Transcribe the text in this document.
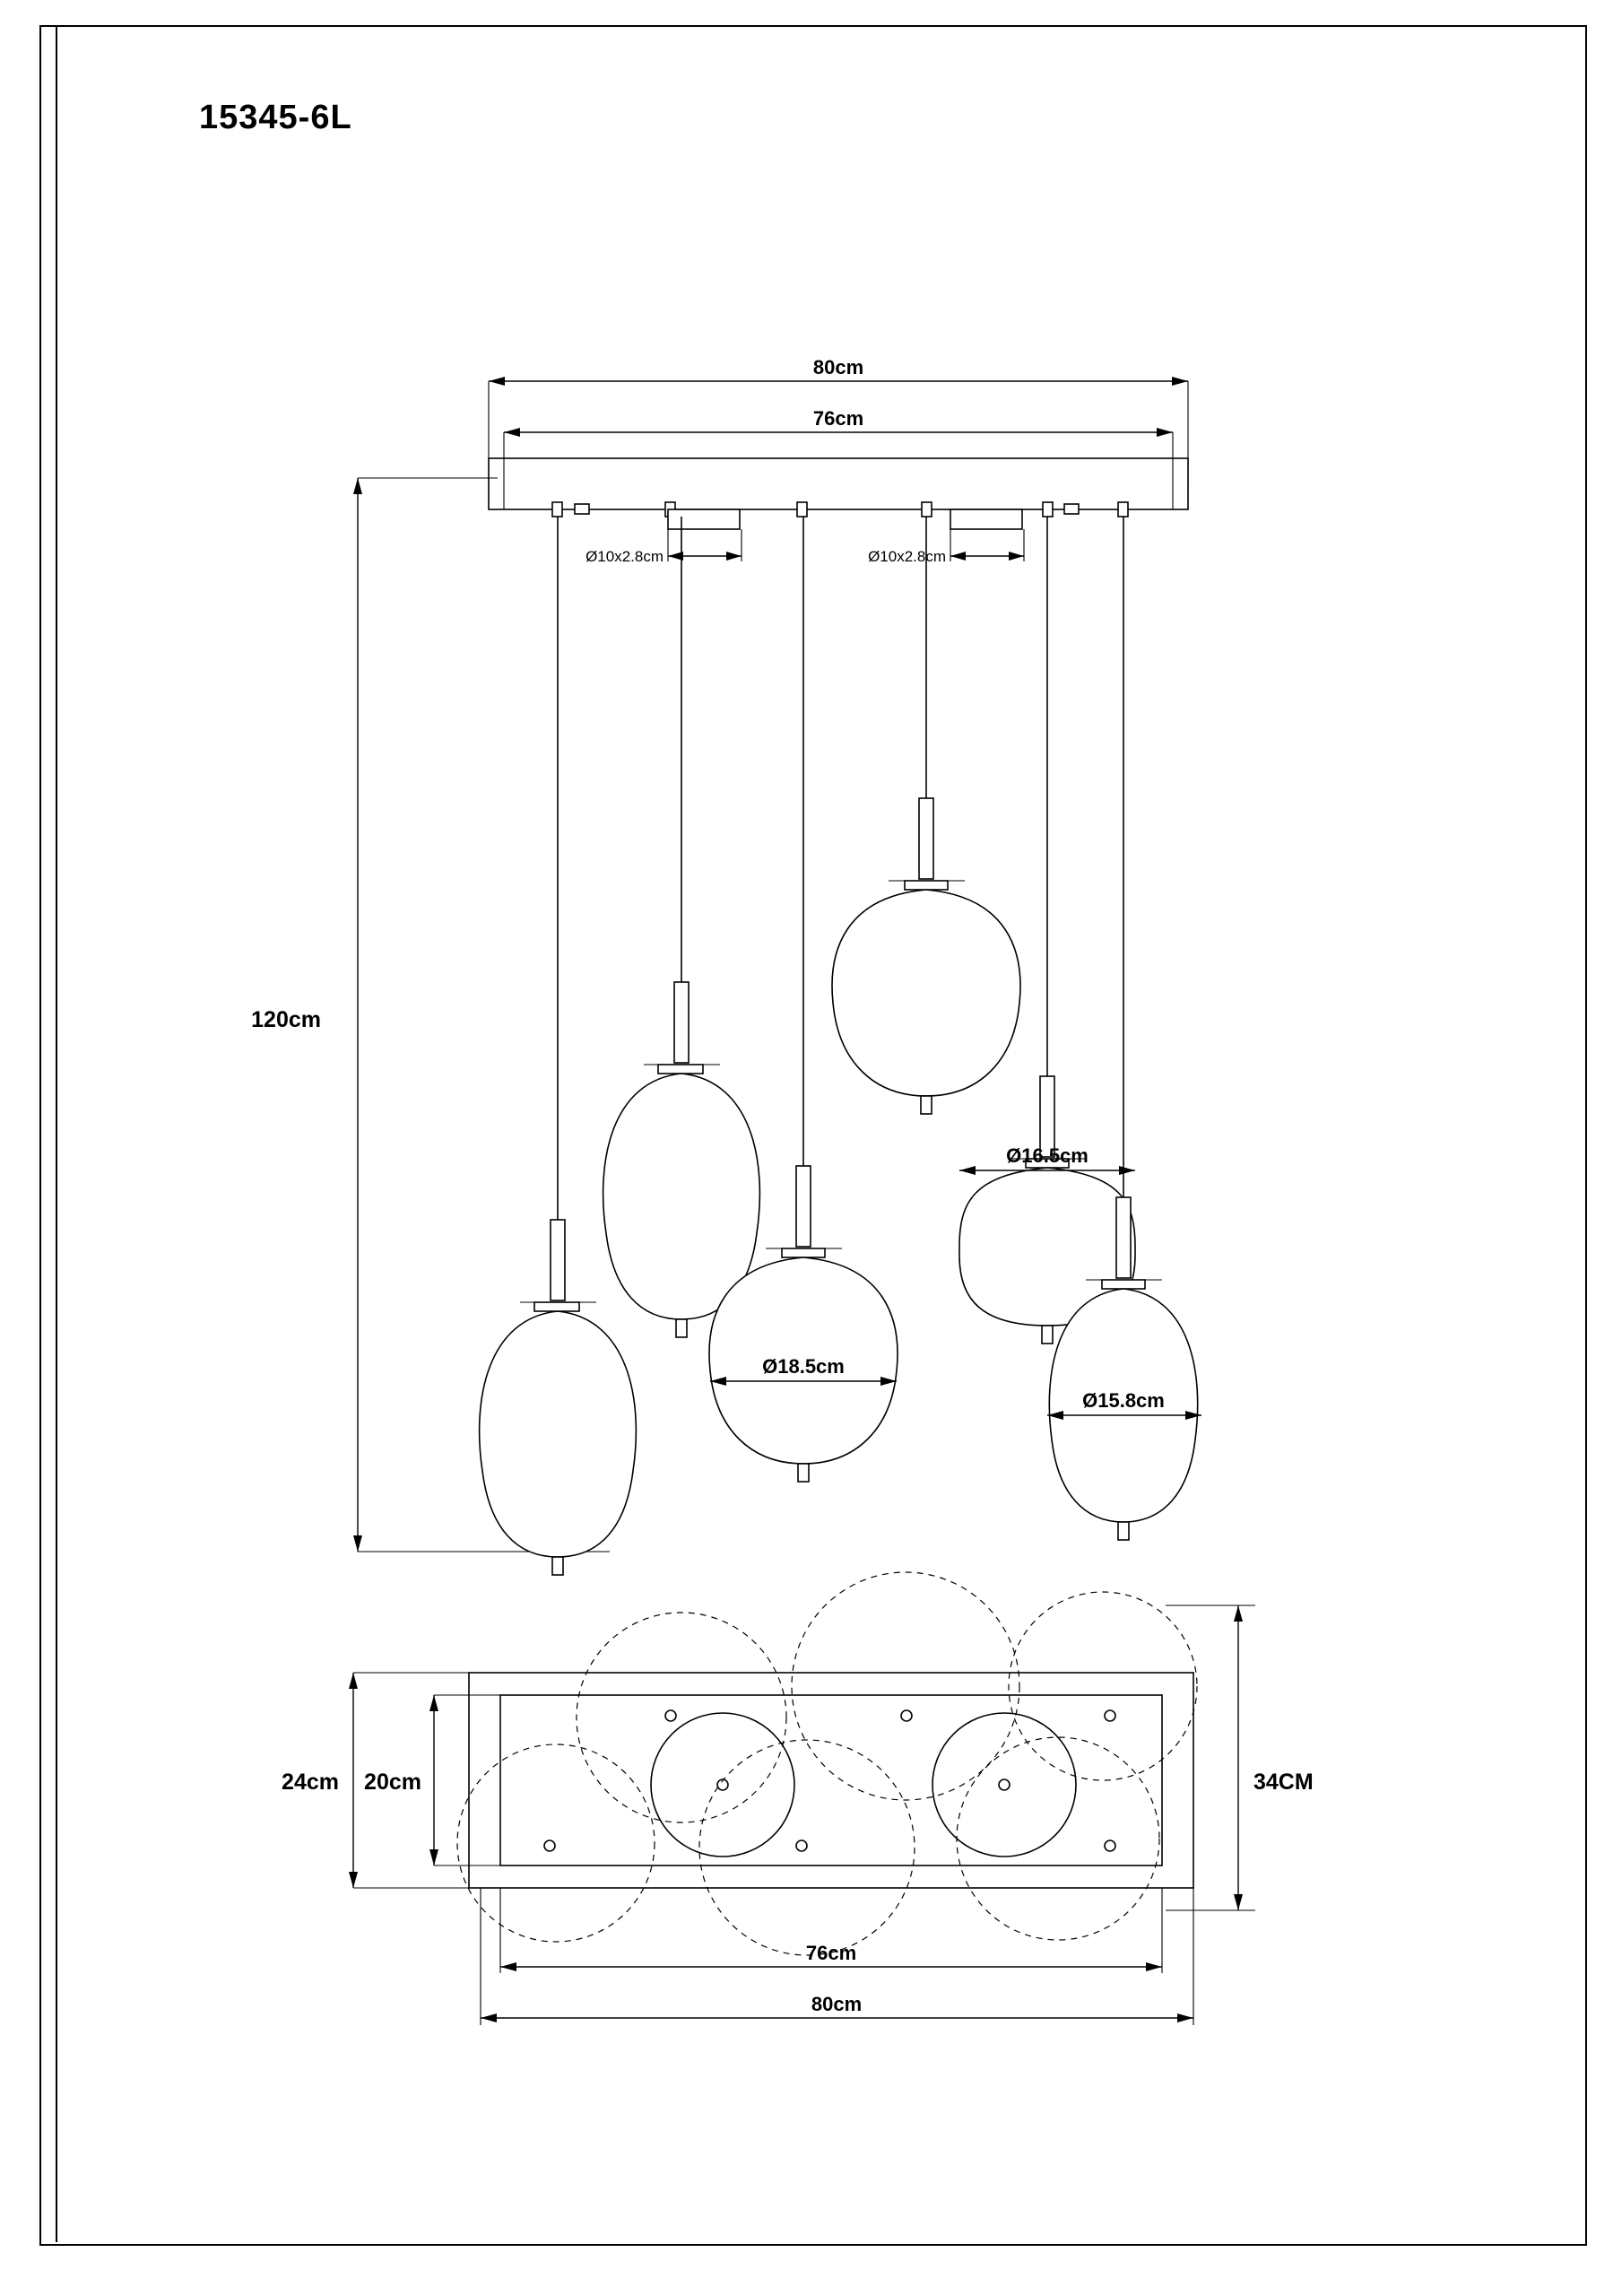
15345-6L
80cm
76cm
Ø10x2.8cm	Ø10x2.8cm
120cm
Ø16.5cm
Ø18.5cm
Ø15.8cm
24cm 20cm	34CM
76cm
80cm
